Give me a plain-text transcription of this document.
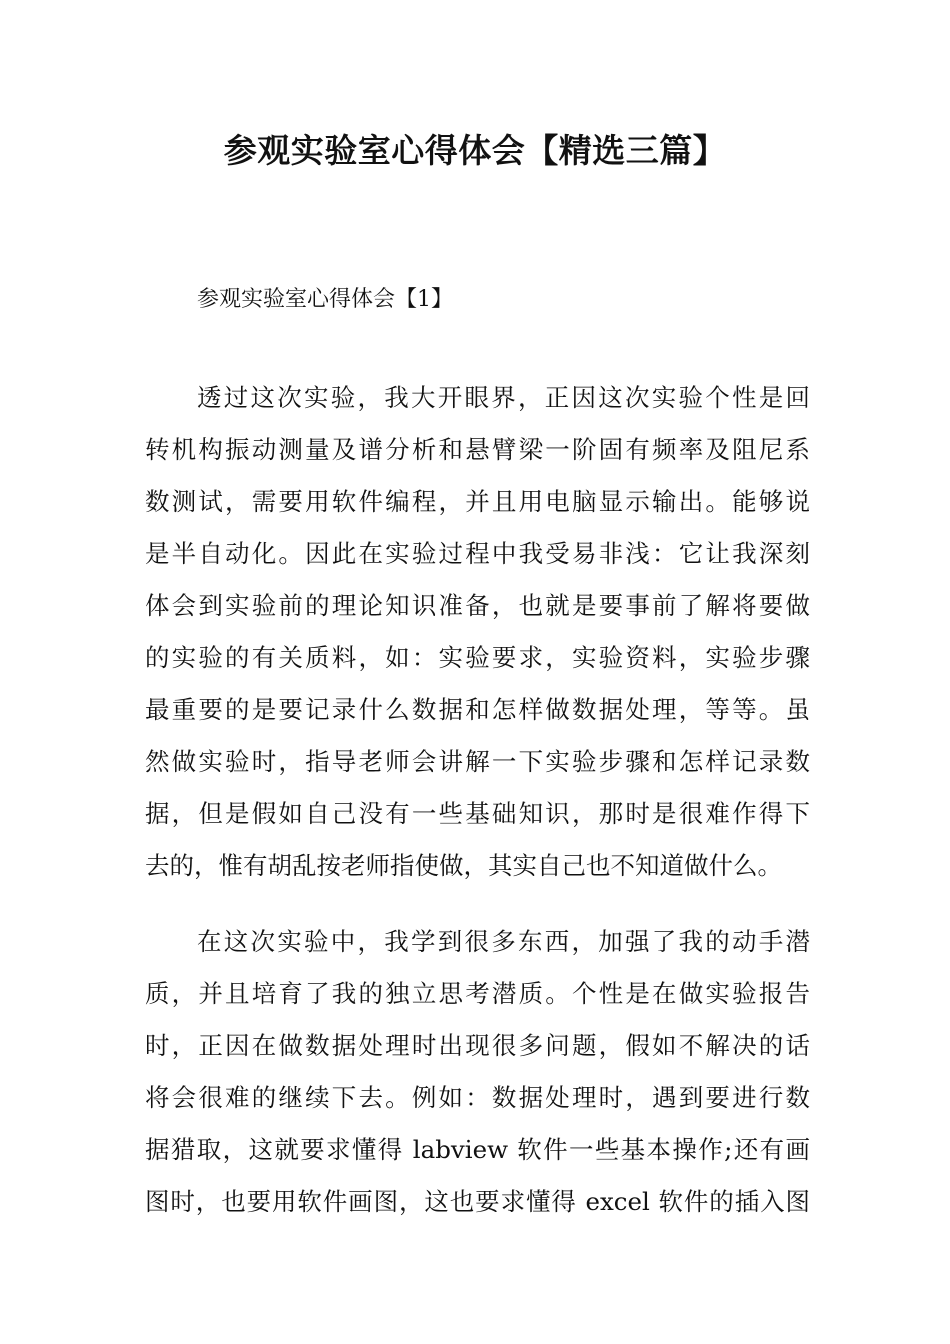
参观实验室心得体会【精选三篇】
参观实验室心得体会【1】
透过这次实验，我大开眼界，正因这次实验个性是回
转机构振动测量及谱分析和悬臂梁一阶固有频率及阻尼系
数测试，需要用软件编程，并且用电脑显示输出。能够说
是半自动化。因此在实验过程中我受易非浅：它让我深刻
体会到实验前的理论知识准备，也就是要事前了解将要做
的实验的有关质料，如：实验要求，实验资料，实验步骤
最重要的是要记录什么数据和怎样做数据处理，等等。虽
然做实验时，指导老师会讲解一下实验步骤和怎样记录数
据，但是假如自己没有一些基础知识，那时是很难作得下
去的，惟有胡乱按老师指使做，其实自己也不知道做什么。
在这次实验中，我学到很多东西，加强了我的动手潜
质，并且培育了我的独立思考潜质。个性是在做实验报告
时，正因在做数据处理时出现很多问题，假如不解决的话
将会很难的继续下去。例如：数据处理时，遇到要进行数
据猎取，这就要求懂得 labview 软件一些基本操作;还有画
图时，也要用软件画图，这也要求懂得 excel 软件的插入图
